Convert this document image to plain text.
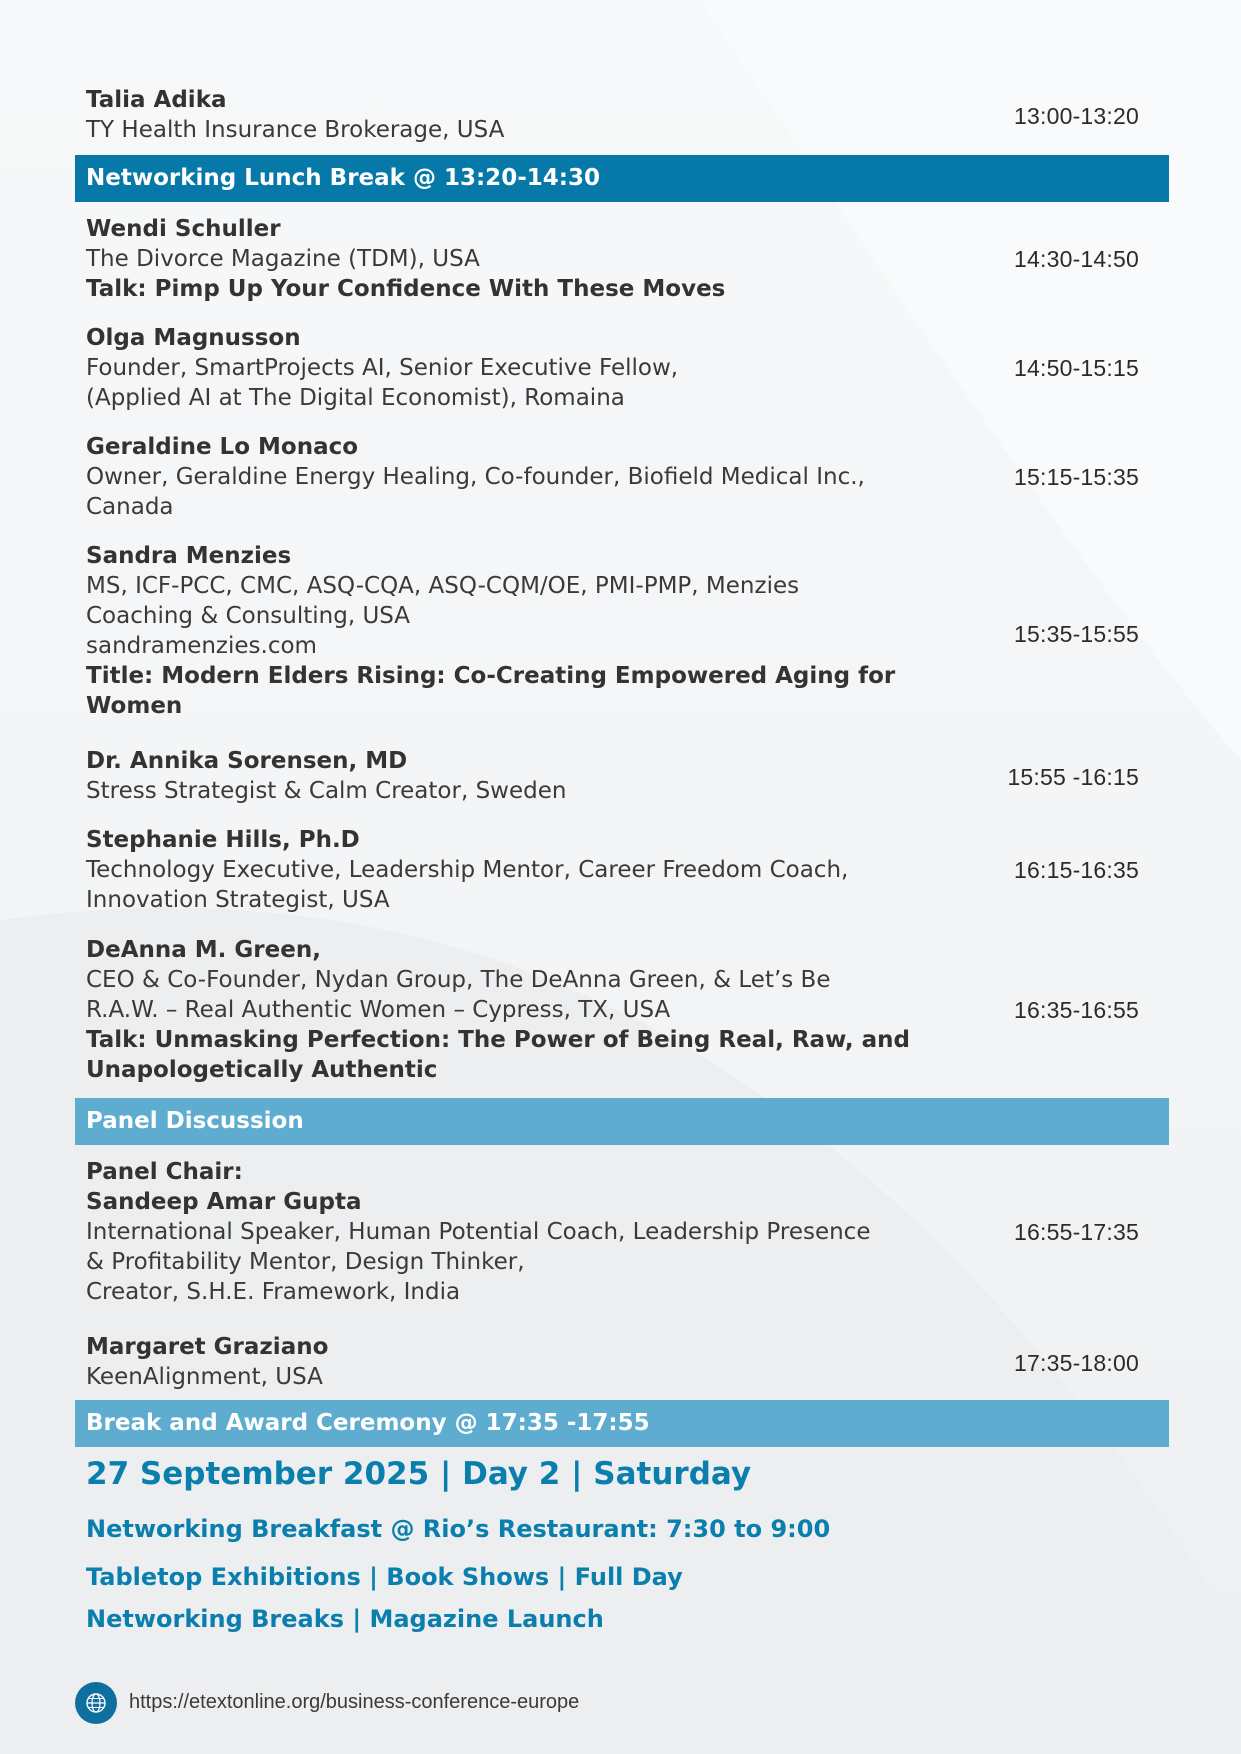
Talia Adika
TY Health Insurance Brokerage, USA
13:00-13:20
Networking Lunch Break @ 13:20-14:30
Wendi Schuller
The Divorce Magazine (TDM), USA
Talk: Pimp Up Your Confidence With These Moves
14:30-14:50
Olga Magnusson
Founder, SmartProjects AI, Senior Executive Fellow,
(Applied AI at The Digital Economist), Romaina
14:50-15:15
Geraldine Lo Monaco
Owner, Geraldine Energy Healing, Co-founder, Biofield Medical Inc.,
Canada
15:15-15:35
Sandra Menzies
MS, ICF-PCC, CMC, ASQ-CQA, ASQ-CQM/OE, PMI-PMP, Menzies
Coaching & Consulting, USA
sandramenzies.com
Title: Modern Elders Rising: Co-Creating Empowered Aging for
Women
15:35-15:55
Dr. Annika Sorensen, MD
Stress Strategist & Calm Creator, Sweden
15:55 -16:15
Stephanie Hills, Ph.D
Technology Executive, Leadership Mentor, Career Freedom Coach,
Innovation Strategist, USA
16:15-16:35
DeAnna M. Green,
CEO & Co-Founder, Nydan Group, The DeAnna Green, & Let’s Be
R.A.W. – Real Authentic Women – Cypress, TX, USA
Talk: Unmasking Perfection: The Power of Being Real, Raw, and
Unapologetically Authentic
16:35-16:55
Panel Discussion
Panel Chair:
Sandeep Amar Gupta
International Speaker, Human Potential Coach, Leadership Presence
& Profitability Mentor, Design Thinker,
Creator, S.H.E. Framework, India
16:55-17:35
Margaret Graziano
KeenAlignment, USA
17:35-18:00
Break and Award Ceremony @ 17:35 -17:55
27 September 2025 | Day 2 | Saturday
Networking Breakfast @ Rio’s Restaurant: 7:30 to 9:00
Tabletop Exhibitions | Book Shows | Full Day
Networking Breaks | Magazine Launch
https://etextonline.org/business-conference-europe
